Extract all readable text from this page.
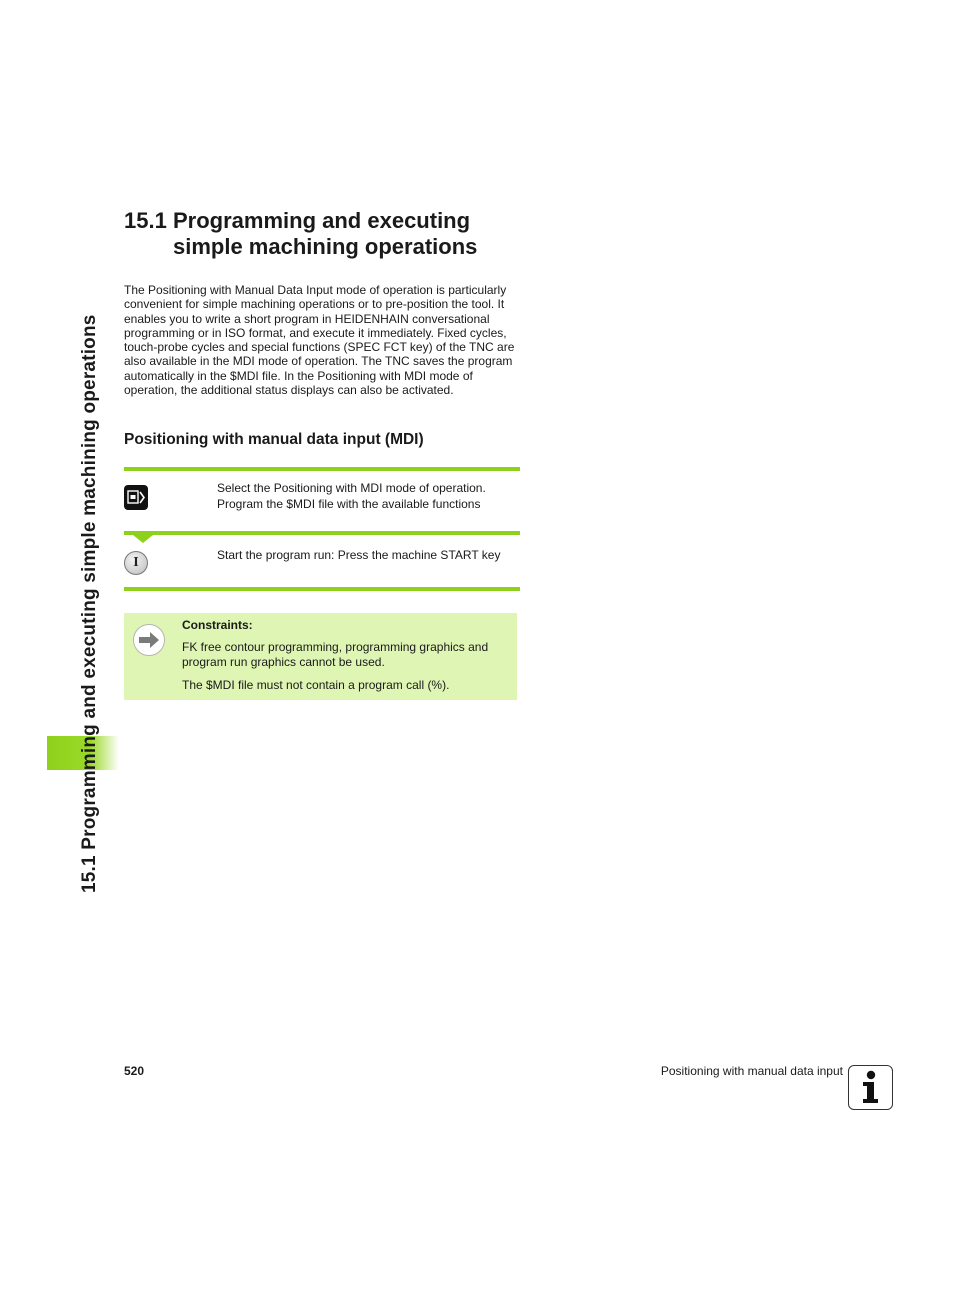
15.1 Programming and executing simple machining operations
15.1 Programming and executing simple machining operations

The Positioning with Manual Data Input mode of operation is particularly convenient for simple machining operations or to pre-position the tool. It enables you to write a short program in HEIDENHAIN conversational programming or in ISO format, and execute it immediately. Fixed cycles, touch-probe cycles and special functions (SPEC FCT key) of the TNC are also available in the MDI mode of operation. The TNC saves the program automatically in the $MDI file. In the Positioning with MDI mode of operation, the additional status displays can also be activated.

Positioning with manual data input (MDI)

Select the Positioning with MDI mode of operation. Program the $MDI file with the available functions

I	Start the program run: Press the machine START key

Constraints:

FK free contour programming, programming graphics and program run graphics cannot be used.

The $MDI file must not contain a program call (%).

520	Positioning with manual data input
